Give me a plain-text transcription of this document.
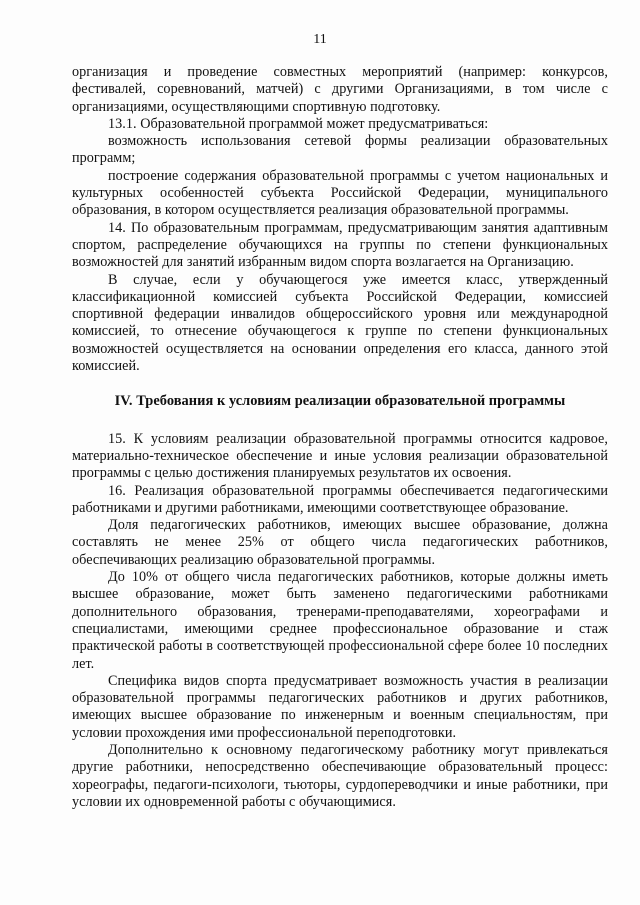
11

организация и проведение совместных мероприятий (например: конкурсов, фестивалей, соревнований, матчей) с другими Организациями, в том числе с организациями, осуществляющими спортивную подготовку.

13.1. Образовательной программой может предусматриваться:

возможность использования сетевой формы реализации образовательных программ;

построение содержания образовательной программы с учетом национальных и культурных особенностей субъекта Российской Федерации, муниципального образования, в котором осуществляется реализация образовательной программы.

14. По образовательным программам, предусматривающим занятия адаптивным спортом, распределение обучающихся на группы по степени функциональных возможностей для занятий избранным видом спорта возлагается на Организацию.

В случае, если у обучающегося уже имеется класс, утвержденный классификационной комиссией субъекта Российской Федерации, комиссией спортивной федерации инвалидов общероссийского уровня или международной комиссией, то отнесение обучающегося к группе по степени функциональных возможностей осуществляется на основании определения его класса, данного этой комиссией.

IV. Требования к условиям реализации образовательной программы

15. К условиям реализации образовательной программы относится кадровое, материально-техническое обеспечение и иные условия реализации образовательной программы с целью достижения планируемых результатов их освоения.

16. Реализация образовательной программы обеспечивается педагогическими работниками и другими работниками, имеющими соответствующее образование.

Доля педагогических работников, имеющих высшее образование, должна составлять не менее 25% от общего числа педагогических работников, обеспечивающих реализацию образовательной программы.

До 10% от общего числа педагогических работников, которые должны иметь высшее образование, может быть заменено педагогическими работниками дополнительного образования, тренерами-преподавателями, хореографами и специалистами, имеющими среднее профессиональное образование и стаж практической работы в соответствующей профессиональной сфере более 10 последних лет.

Специфика видов спорта предусматривает возможность участия в реализации образовательной программы педагогических работников и других работников, имеющих высшее образование по инженерным и военным специальностям, при условии прохождения ими профессиональной переподготовки.

Дополнительно к основному педагогическому работнику могут привлекаться другие работники, непосредственно обеспечивающие образовательный процесс: хореографы, педагоги-психологи, тьюторы, сурдопереводчики и иные работники, при условии их одновременной работы с обучающимися.
